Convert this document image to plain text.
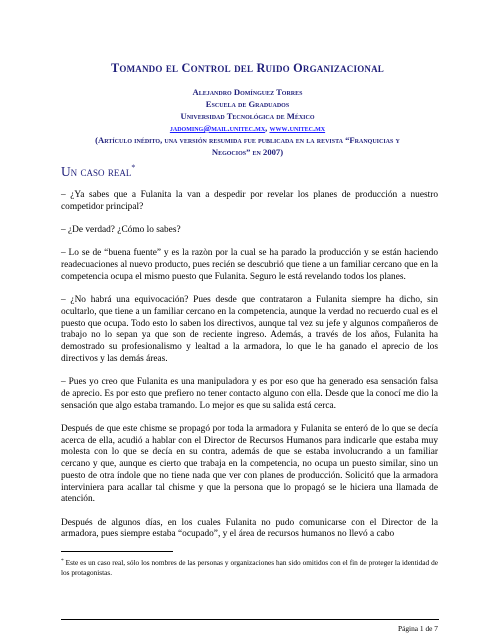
Tomando el Control del Ruido Organizacional
Alejandro Domínguez Torres
Escuela de Graduados
Universidad Tecnológica de México
jadoming@mail.unitec.mx, www.unitec.mx
(Artículo inédito, una versión resumida fue publicada en la revista “Franquicias y
Negocios” en 2007)
Un caso real*

– ¿Ya sabes que a Fulanita la van a despedir por revelar los planes de producción a nuestro competidor principal?

– ¿De verdad? ¿Cómo lo sabes?

– Lo se de “buena fuente” y es la razòn por la cual se ha parado la producción y se están haciendo readecuaciones al nuevo producto, pues recién se descubrió que tiene a un familiar cercano que en la competencia ocupa el mismo puesto que Fulanita. Seguro le está revelando todos los planes.

– ¿No habrá una equivocación? Pues desde que contrataron a Fulanita siempre ha dicho, sin ocultarlo, que tiene a un familiar cercano en la competencia, aunque la verdad no recuerdo cual es el puesto que ocupa. Todo esto lo saben los directivos, aunque tal vez su jefe y algunos compañeros de trabajo no lo sepan ya que son de reciente ingreso. Además, a través de los años, Fulanita ha demostrado su profesionalismo y lealtad a la armadora, lo que le ha ganado el aprecio de los directivos y las demás áreas.

– Pues yo creo que Fulanita es una manipuladora y es por eso que ha generado esa sensación falsa de aprecio. Es por esto que prefiero no tener contacto alguno con ella. Desde que la conocí me dio la sensación que algo estaba tramando. Lo mejor es que su salida está cerca.

Después de que este chisme se propagó por toda la armadora y Fulanita se enteró de lo que se decía acerca de ella, acudió a hablar con el Director de Recursos Humanos para indicarle que estaba muy molesta con lo que se decía en su contra, además de que se estaba involucrando a un familiar cercano y que, aunque es cierto que trabaja en la competencia, no ocupa un puesto similar, sino un puesto de otra índole que no tiene nada que ver con planes de producción. Solicitó que la armadora interviniera para acallar tal chisme y que la persona que lo propagó se le hiciera una llamada de atención.

Después de algunos días, en los cuales Fulanita no pudo comunicarse con el Director de la armadora, pues siempre estaba “ocupado”, y el área de recursos humanos no llevó a cabo

* Este es un caso real, sólo los nombres de las personas y organizaciones han sido omitidos con el fin de proteger la identidad de los protagonistas.
Página 1 de 7
